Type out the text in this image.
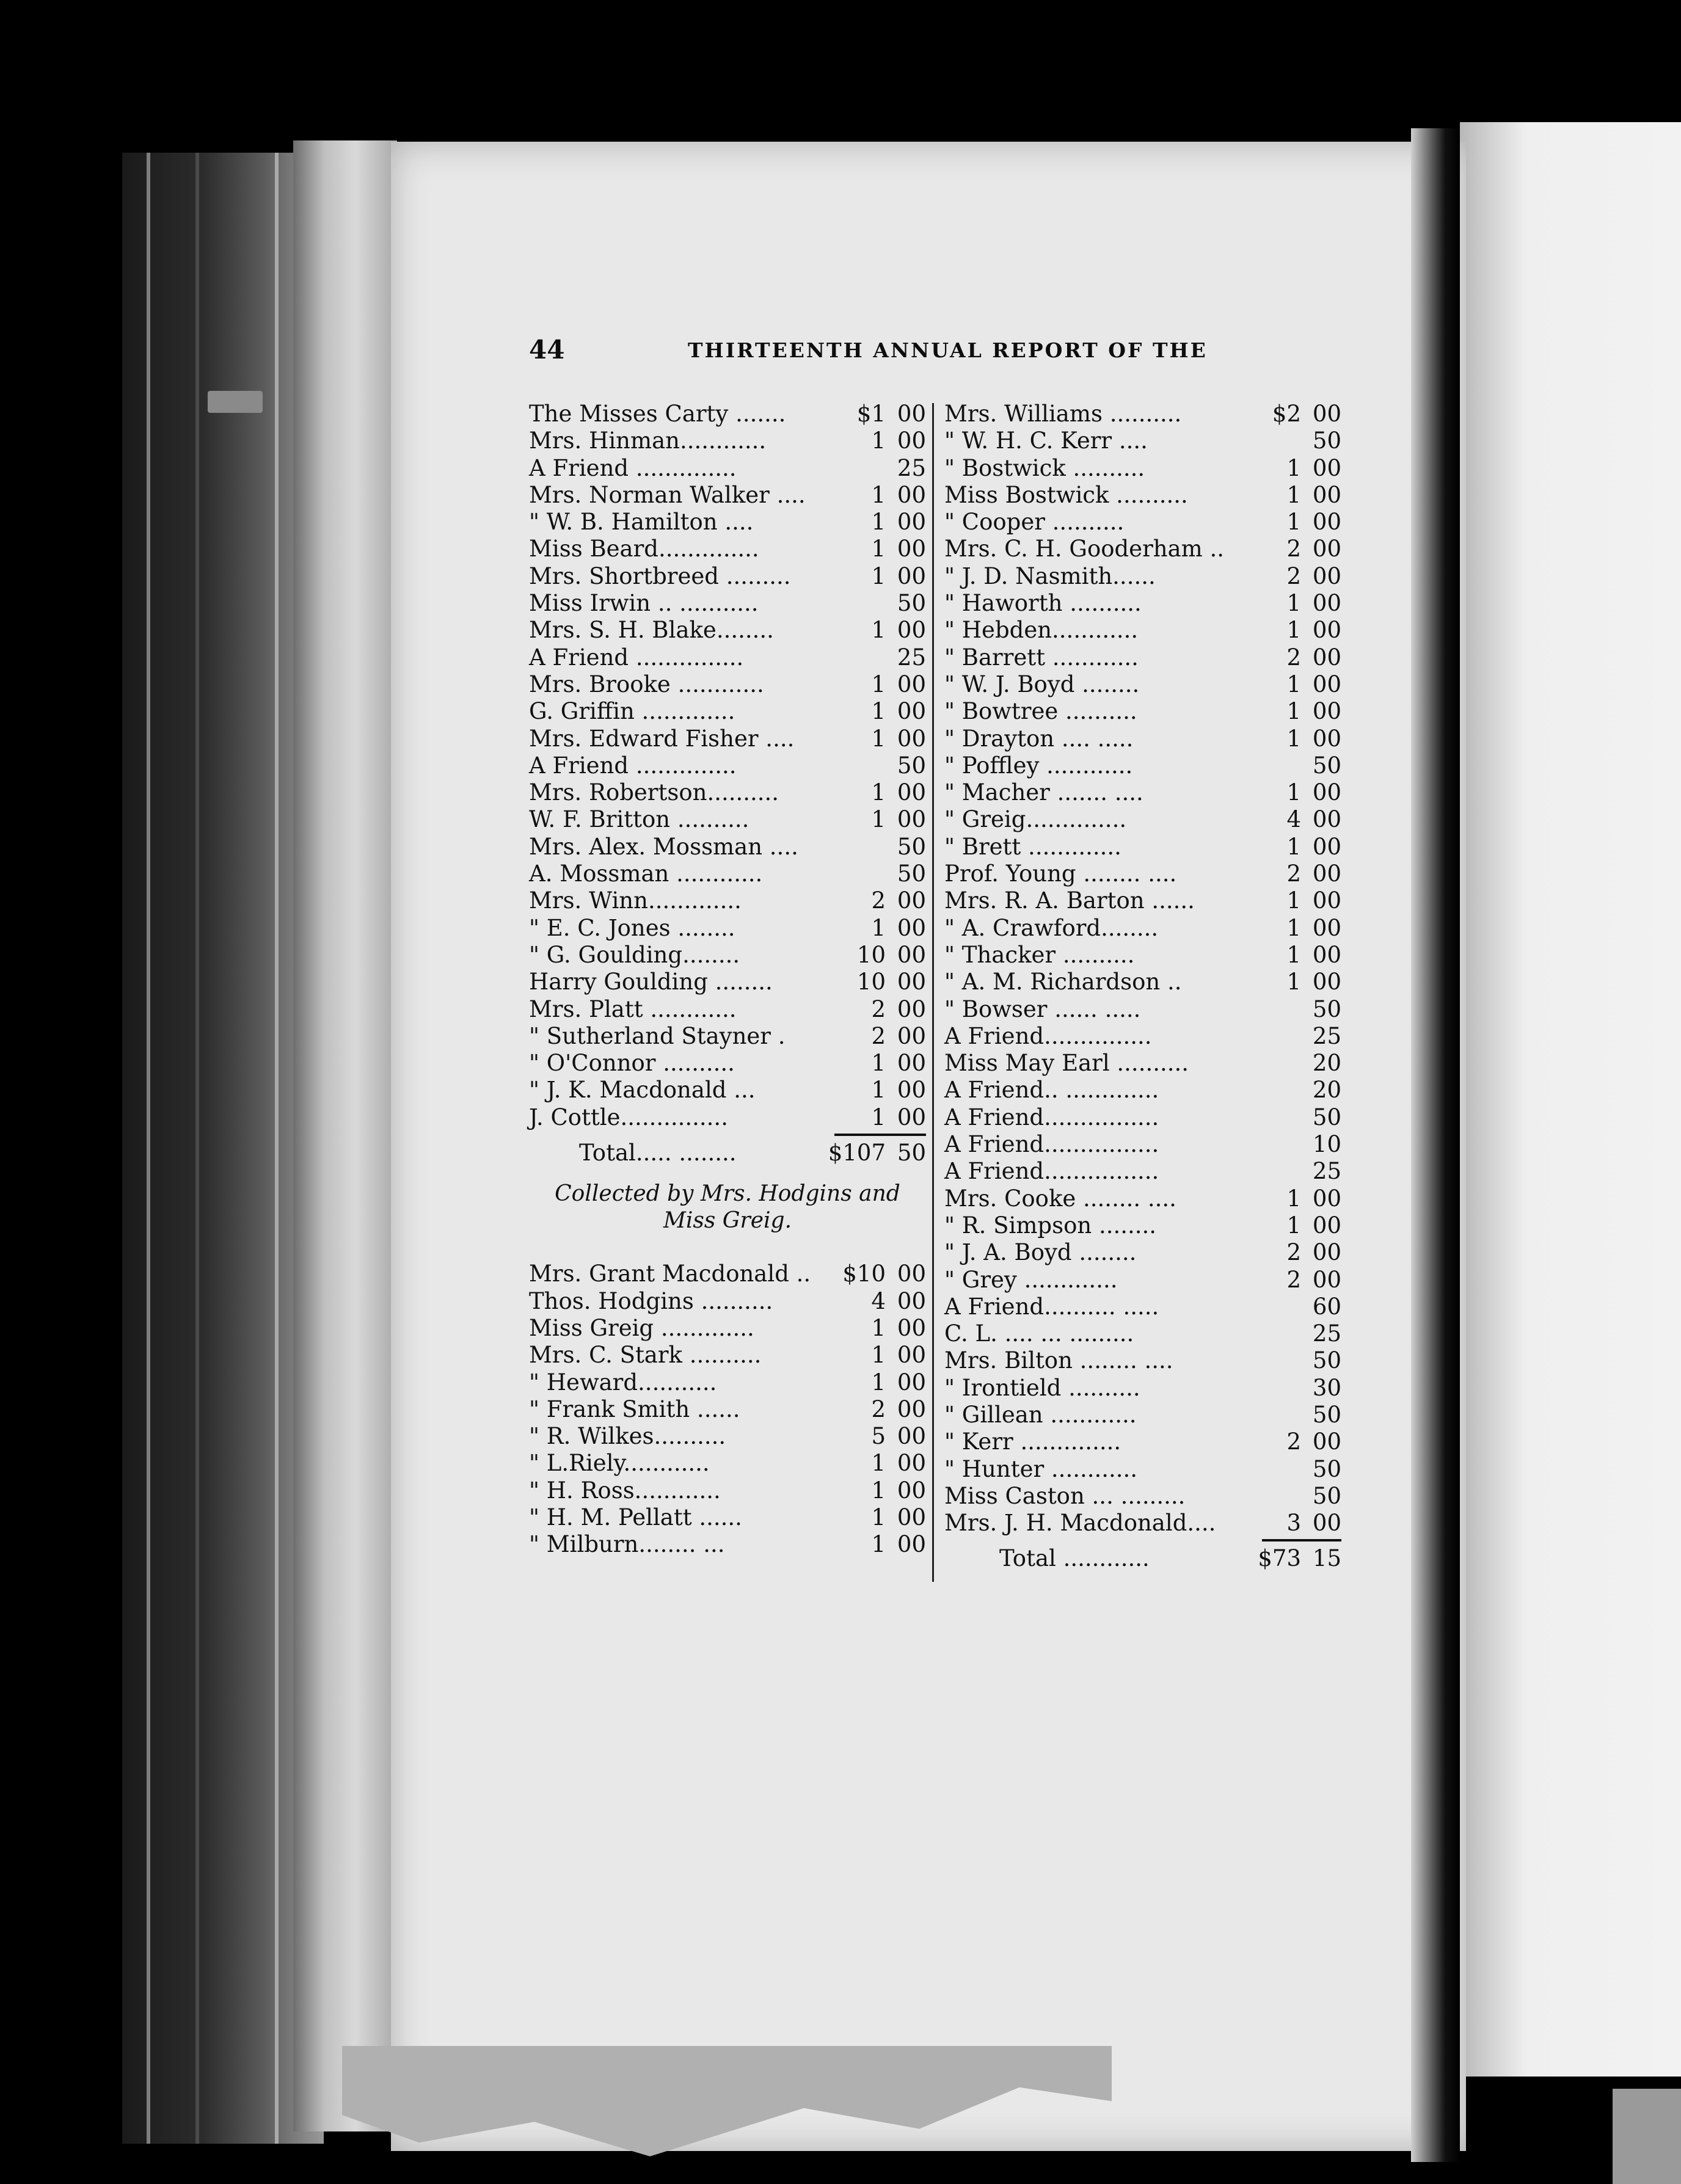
44	THIRTEENTH ANNUAL REPORT OF THE
The Misses Carty .......	$1 00
Mrs. Hinman............	1 00
A Friend ..............	25
Mrs. Norman Walker ....	1 00
" W. B. Hamilton ....	1 00
Miss Beard..............	1 00
Mrs. Shortbreed .........	1 00
Miss Irwin .. ...........	50
Mrs. S. H. Blake........	1 00
A Friend ...............	25
Mrs. Brooke ............	1 00
G. Griffin .............	1 00
Mrs. Edward Fisher ....	1 00
A Friend ..............	50
Mrs. Robertson..........	1 00
W. F. Britton ..........	1 00
Mrs. Alex. Mossman ....	50
A. Mossman ............	50
Mrs. Winn.............	2 00
" E. C. Jones ........	1 00
" G. Goulding........	10 00
Harry Goulding ........	10 00
Mrs. Platt ............	2 00
" Sutherland Stayner .	2 00
" O'Connor ..........	1 00
" J. K. Macdonald ...	1 00
J. Cottle...............	1 00
Total..... ........	$107 50
Collected by Mrs. Hodgins and
Miss Greig.
Mrs. Grant Macdonald ..	$10 00
Thos. Hodgins ..........	4 00
Miss Greig .............	1 00
Mrs. C. Stark ..........	1 00
" Heward...........	1 00
" Frank Smith ......	2 00
" R. Wilkes..........	5 00
" L.Riely............	1 00
" H. Ross............	1 00
" H. M. Pellatt ......	1 00
" Milburn........ ...	1 00
Mrs. Williams ..........	$2 00
" W. H. C. Kerr ....	50
" Bostwick ..........	1 00
Miss Bostwick ..........	1 00
" Cooper ..........	1 00
Mrs. C. H. Gooderham ..	2 00
" J. D. Nasmith......	2 00
" Haworth ..........	1 00
" Hebden............	1 00
" Barrett ............	2 00
" W. J. Boyd ........	1 00
" Bowtree ..........	1 00
" Drayton .... .....	1 00
" Poffley ............	50
" Macher ....... ....	1 00
" Greig..............	4 00
" Brett .............	1 00
Prof. Young ........ ....	2 00
Mrs. R. A. Barton ......	1 00
" A. Crawford........	1 00
" Thacker ..........	1 00
" A. M. Richardson ..	1 00
" Bowser ...... .....	50
A Friend...............	25
Miss May Earl ..........	20
A Friend.. .............	20
A Friend................	50
A Friend................	10
A Friend................	25
Mrs. Cooke ........ ....	1 00
" R. Simpson ........	1 00
" J. A. Boyd ........	2 00
" Grey .............	2 00
A Friend.......... .....	60
C. L. .... ... .........	25
Mrs. Bilton ........ ....	50
" Irontield ..........	30
" Gillean ............	50
" Kerr ..............	2 00
" Hunter ............	50
Miss Caston ... .........	50
Mrs. J. H. Macdonald....	3 00
Total ............	$73 15
